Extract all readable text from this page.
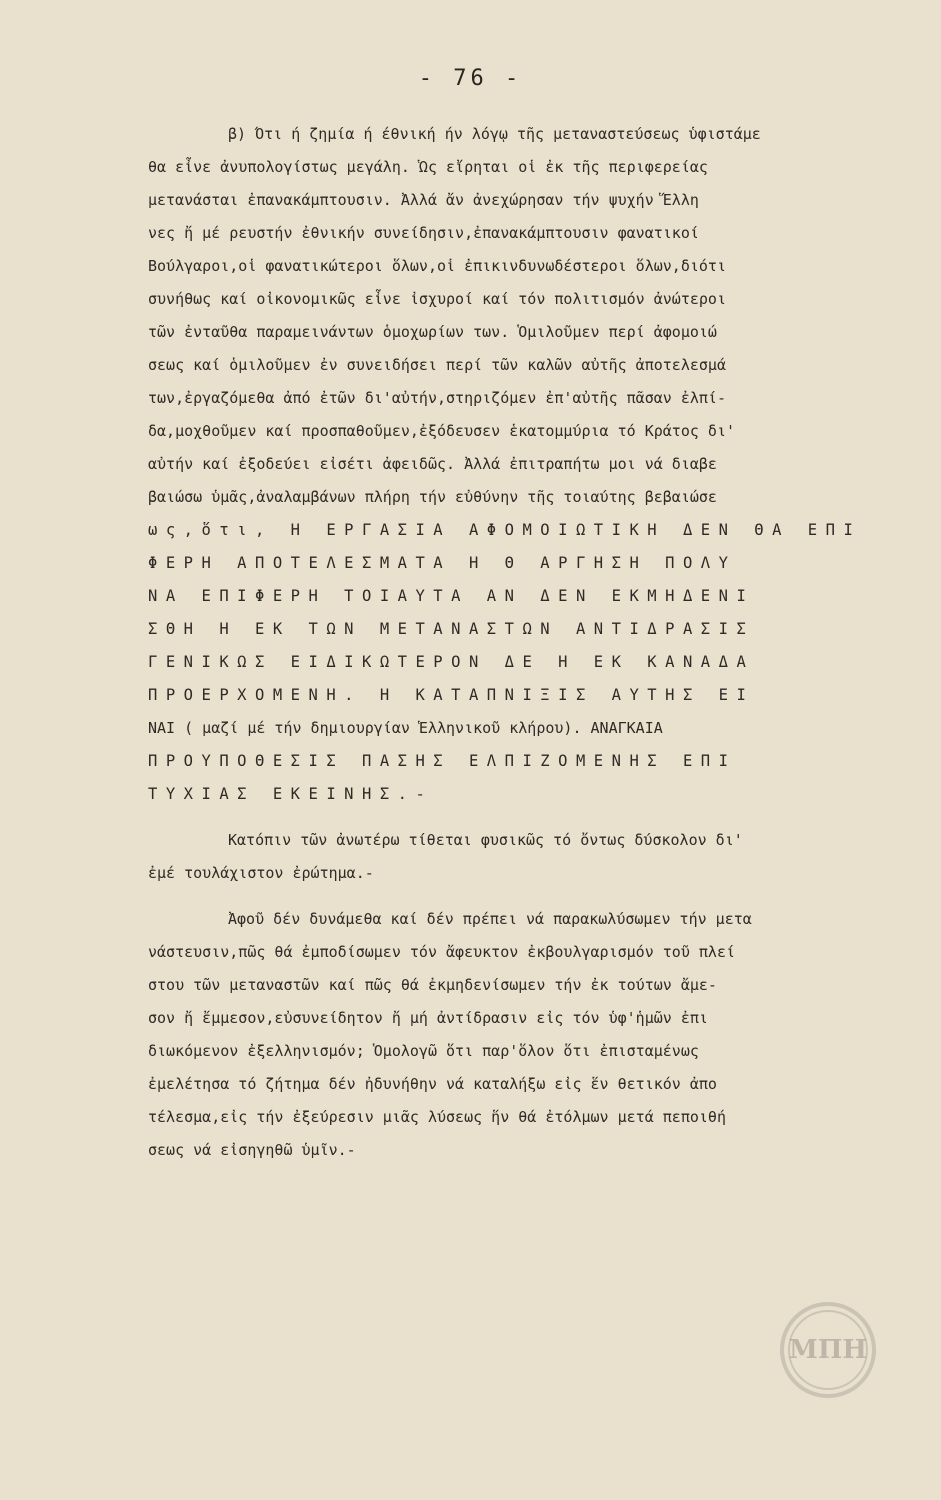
- 76 -
β) Ότι ή ζημία ή έθνική ήν λόγῳ τῆς μεταναστεύσεως ὑφιστάμε
θα εἶνε ἀνυπολογίστως μεγάλη. Ὡς εἴρηται οἱ ἐκ τῆς περιφερείας
μετανάσται ἐπανακάμπτουσιν. Ἀλλά ἄν ἀνεχώρησαν τήν ψυχήν Ἕλλη
νες ἤ μέ ρευστήν ἐθνικήν συνείδησιν,ἐπανακάμπτουσιν φανατικοί
Βούλγαροι,οἱ φανατικώτεροι ὅλων,οἱ ἐπικινδυνωδέστεροι ὅλων,διότι
συνήθως καί οἰκονομικῶς εἶνε ἰσχυροί καί τόν πολιτισμόν ἀνώτεροι
τῶν ἐνταῦθα παραμεινάντων ὁμοχωρίων των. Ὁμιλοῦμεν περί ἀφομοιώ
σεως καί ὁμιλοῦμεν ἐν συνειδήσει περί τῶν καλῶν αὐτῆς ἀποτελεσμά
των,ἐργαζόμεθα ἀπό ἐτῶν δι'αὐτήν,στηριζόμεν ἐπ'αὐτῆς πᾶσαν ἐλπί-
δα,μοχθοῦμεν καί προσπαθοῦμεν,ἐξόδευσεν ἑκατομμύρια τό Κράτος δι'
αὐτήν καί ἐξοδεύει εἰσέτι ἀφειδῶς. Ἀλλά ἐπιτραπήτω μοι νά διαβε
βαιώσω ὑμᾶς,ἀναλαμβάνων πλήρη τήν εὐθύνην τῆς τοιαύτης βεβαιώσε
ως,ὅτι, Η ΕΡΓΑΣΙΑ ΑΦΟΜΟΙΩΤΙΚΗ ΔΕΝ ΘΑ ΕΠΙ
ΦΕΡΗ ΑΠΟΤΕΛΕΣΜΑΤΑ Η Θ ΑΡΓΗΣΗ ΠΟΛΥ
ΝΑ ΕΠΙΦΕΡΗ ΤΟΙΑΥΤΑ ΑΝ ΔΕΝ ΕΚΜΗΔΕΝΙ
ΣΘΗ Η ΕΚ ΤΩΝ ΜΕΤΑΝΑΣΤΩΝ ΑΝΤΙΔΡΑΣΙΣ
ΓΕΝΙΚΩΣ ΕΙΔΙΚΩΤΕΡΟΝ ΔΕ Η ΕΚ ΚΑΝΑΔΑ
ΠΡΟΕΡΧΟΜΕΝΗ. Η ΚΑΤΑΠΝΙΞΙΣ ΑΥΤΗΣ ΕΙ
ΝΑΙ ( μαζί μέ τήν δημιουργίαν Ἑλληνικοῦ κλήρου). ΑΝΑΓΚΑΙΑ
ΠΡΟΥΠΟΘΕΣΙΣ ΠΑΣΗΣ ΕΛΠΙΖΟΜΕΝΗΣ ΕΠΙ
ΤΥΧΙΑΣ ΕΚΕΙΝΗΣ.-
Κατόπιν τῶν ἀνωτέρω τίθεται φυσικῶς τό ὄντως δύσκολον δι'
ἐμέ τουλάχιστον ἐρώτημα.-
Ἀφοῦ δέν δυνάμεθα καί δέν πρέπει νά παρακωλύσωμεν τήν μετα
νάστευσιν,πῶς θά ἐμποδίσωμεν τόν ἄφευκτον ἐκβουλγαρισμόν τοῦ πλεί
στου τῶν μεταναστῶν καί πῶς θά ἐκμηδενίσωμεν τήν ἐκ τούτων ἄμε-
σον ἤ ἔμμεσον,εὐσυνείδητον ἤ μή ἀντίδρασιν εἰς τόν ὑφ'ἡμῶν ἐπι
διωκόμενον ἐξελληνισμόν; Ὁμολογῶ ὅτι παρ'ὅλον ὅτι ἐπισταμένως
ἐμελέτησα τό ζήτημα δέν ἠδυνήθην νά καταλήξω εἰς ἕν θετικόν ἀπο
τέλεσμα,εἰς τήν ἐξεύρεσιν μιᾶς λύσεως ἥν θά ἐτόλμων μετά πεποιθή
σεως νά εἰσηγηθῶ ὑμῖν.-
ΜΠΗ
